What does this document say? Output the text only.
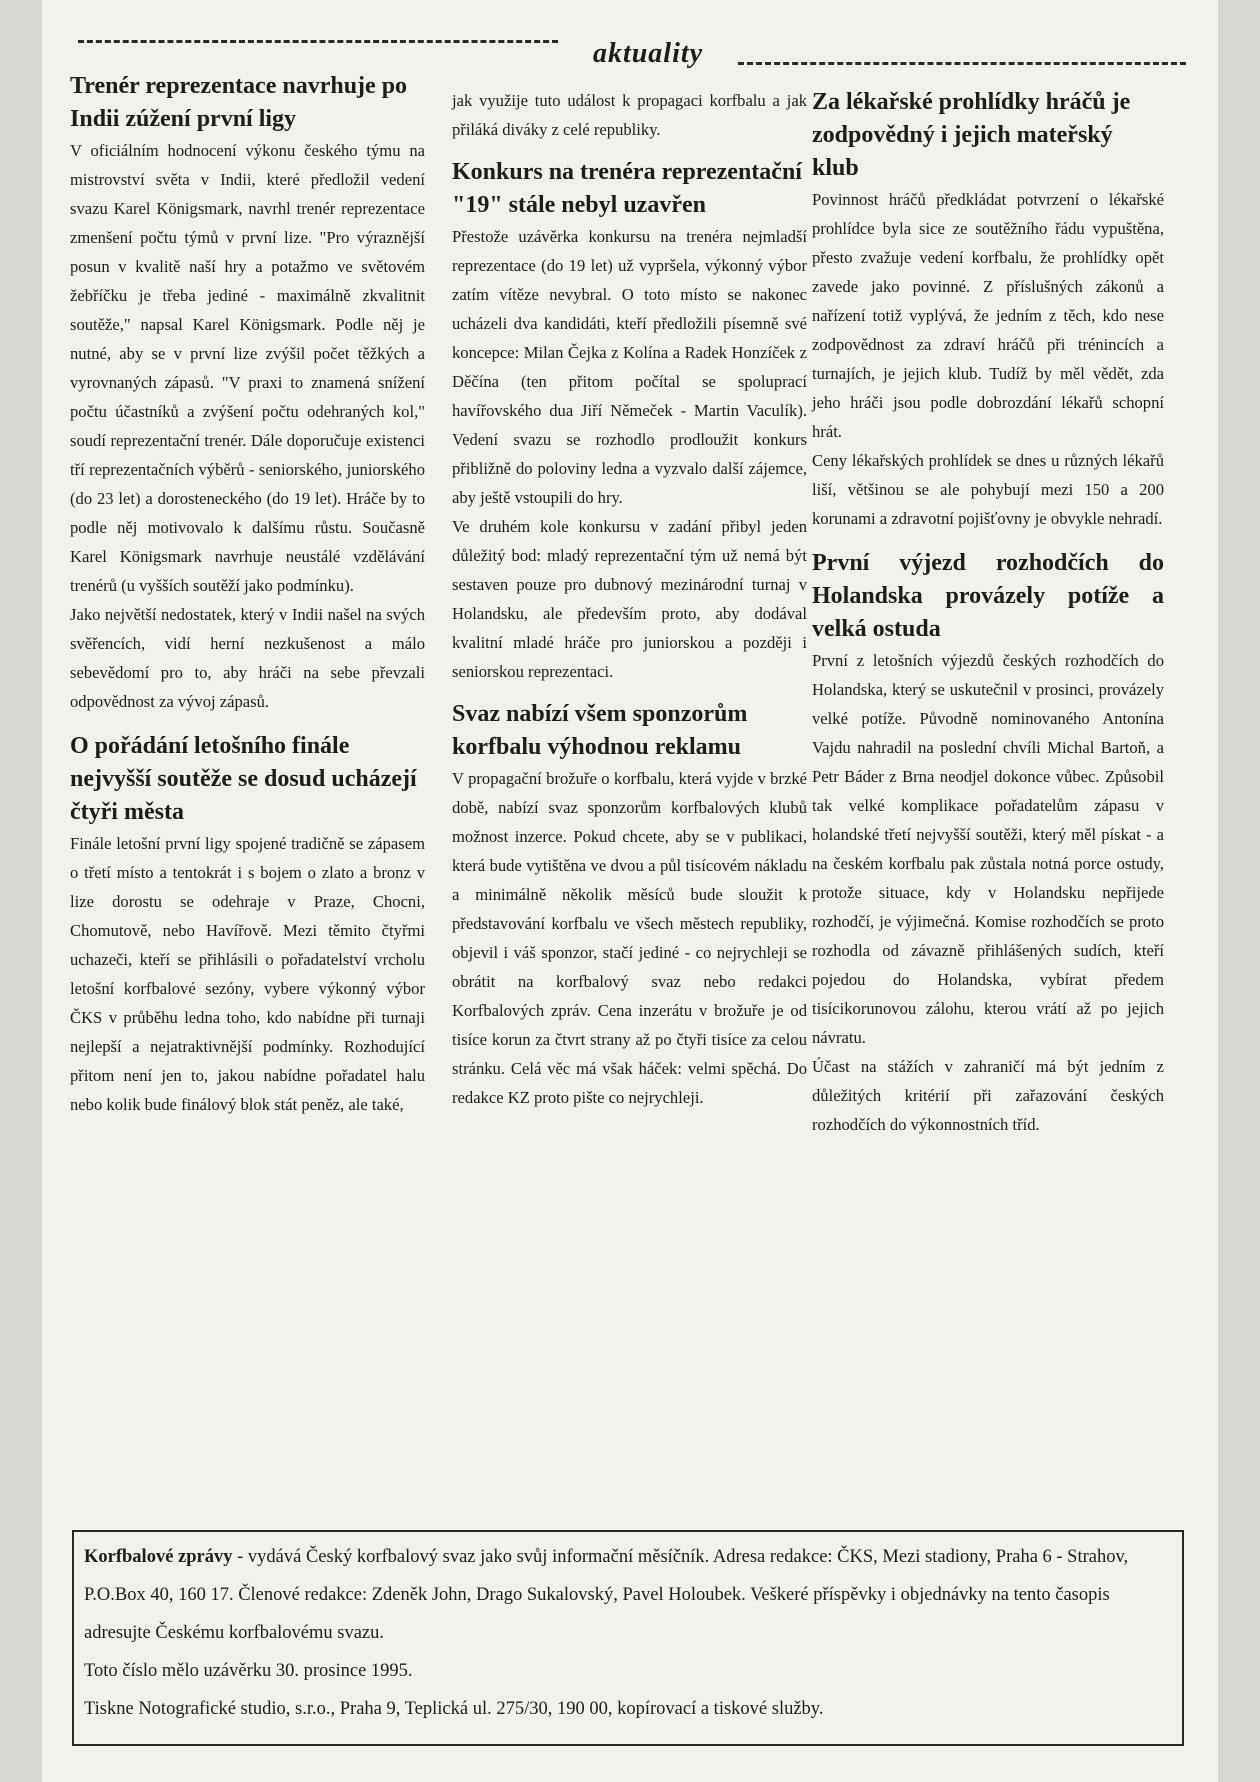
aktuality
Trenér reprezentace navrhuje po Indii zúžení první ligy

V oficiálním hodnocení výkonu českého týmu na mistrovství světa v Indii, které předložil vedení svazu Karel Königsmark, navrhl trenér reprezentace zmenšení počtu týmů v první lize. "Pro výraznější posun v kvalitě naší hry a potažmo ve světovém žebříčku je třeba jediné - maximálně zkvalitnit soutěže," napsal Karel Königsmark. Podle něj je nutné, aby se v první lize zvýšil počet těžkých a vyrovnaných zápasů. "V praxi to znamená snížení počtu účastníků a zvýšení počtu odehraných kol," soudí reprezentační trenér. Dále doporučuje existenci tří reprezentačních výběrů - seniorského, juniorského (do 23 let) a dorosteneckého (do 19 let). Hráče by to podle něj motivovalo k dalšímu růstu. Současně Karel Königsmark navrhuje neustálé vzdělávání trenérů (u vyšších soutěží jako podmínku).

Jako největší nedostatek, který v Indii našel na svých svěřencích, vidí herní nezkušenost a málo sebevědomí pro to, aby hráči na sebe převzali odpovědnost za vývoj zápasů.

O pořádání letošního finále nejvyšší soutěže se dosud ucházejí čtyři města

Finále letošní první ligy spojené tradičně se zápasem o třetí místo a tentokrát i s bojem o zlato a bronz v lize dorostu se odehraje v Praze, Chocni, Chomutově, nebo Havířově. Mezi těmito čtyřmi uchazeči, kteří se přihlásili o pořadatelství vrcholu letošní korfbalové sezóny, vybere výkonný výbor ČKS v průběhu ledna toho, kdo nabídne při turnaji nejlepší a nejatraktivnější podmínky. Rozhodující přitom není jen to, jakou nabídne pořadatel halu nebo kolik bude finálový blok stát peněz, ale také,

jak využije tuto událost k propagaci korfbalu a jak přiláká diváky z celé republiky.

Konkurs na trenéra reprezentační "19" stále nebyl uzavřen

Přestože uzávěrka konkursu na trenéra nejmladší reprezentace (do 19 let) už vypršela, výkonný výbor zatím vítěze nevybral. O toto místo se nakonec ucházeli dva kandidáti, kteří předložili písemně své koncepce: Milan Čejka z Kolína a Radek Honzíček z Děčína (ten přitom počítal se spoluprací havířovského dua Jiří Němeček - Martin Vaculík). Vedení svazu se rozhodlo prodloužit konkurs přibližně do poloviny ledna a vyzvalo další zájemce, aby ještě vstoupili do hry.

Ve druhém kole konkursu v zadání přibyl jeden důležitý bod: mladý reprezentační tým už nemá být sestaven pouze pro dubnový mezinárodní turnaj v Holandsku, ale především proto, aby dodával kvalitní mladé hráče pro juniorskou a později i seniorskou reprezentaci.

Svaz nabízí všem sponzorům korfbalu výhodnou reklamu

V propagační brožuře o korfbalu, která vyjde v brzké době, nabízí svaz sponzorům korfbalových klubů možnost inzerce. Pokud chcete, aby se v publikaci, která bude vytištěna ve dvou a půl tisícovém nákladu a minimálně několik měsíců bude sloužit k představování korfbalu ve všech městech republiky, objevil i váš sponzor, stačí jediné - co nejrychleji se obrátit na korfbalový svaz nebo redakci Korfbalových zpráv. Cena inzerátu v brožuře je od tisíce korun za čtvrt strany až po čtyři tisíce za celou stránku. Celá věc má však háček: velmi spěchá. Do redakce KZ proto pište co nejrychleji.

Za lékařské prohlídky hráčů je zodpovědný i jejich mateřský klub

Povinnost hráčů předkládat potvrzení o lékařské prohlídce byla sice ze soutěžního řádu vypuštěna, přesto zvažuje vedení korfbalu, že prohlídky opět zavede jako povinné. Z příslušných zákonů a nařízení totiž vyplývá, že jedním z těch, kdo nese zodpovědnost za zdraví hráčů při trénincích a turnajích, je jejich klub. Tudíž by měl vědět, zda jeho hráči jsou podle dobrozdání lékařů schopní hrát.

Ceny lékařských prohlídek se dnes u různých lékařů liší, většinou se ale pohybují mezi 150 a 200 korunami a zdravotní pojišťovny je obvykle nehradí.

První výjezd rozhodčích do Holandska provázely potíže a velká ostuda

První z letošních výjezdů českých rozhodčích do Holandska, který se uskutečnil v prosinci, provázely velké potíže. Původně nominovaného Antonína Vajdu nahradil na poslední chvíli Michal Bartoň, a Petr Báder z Brna neodjel dokonce vůbec. Způsobil tak velké komplikace pořadatelům zápasu v holandské třetí nejvyšší soutěži, který měl pískat - a na českém korfbalu pak zůstala notná porce ostudy, protože situace, kdy v Holandsku nepřijede rozhodčí, je výjimečná. Komise rozhodčích se proto rozhodla od závazně přihlášených sudích, kteří pojedou do Holandska, vybírat předem tisícikorunovou zálohu, kterou vrátí až po jejich návratu.

Účast na stážích v zahraničí má být jedním z důležitých kritérií při zařazování českých rozhodčích do výkonnostních tříd.

Korfbalové zprávy - vydává Český korfbalový svaz jako svůj informační měsíčník. Adresa redakce: ČKS, Mezi stadiony, Praha 6 - Strahov, P.O.Box 40, 160 17. Členové redakce: Zdeněk John, Drago Sukalovský, Pavel Holoubek. Veškeré příspěvky i objednávky na tento časopis adresujte Českému korfbalovému svazu.
Toto číslo mělo uzávěrku 30. prosince 1995.
Tiskne Notografické studio, s.r.o., Praha 9, Teplická ul. 275/30, 190 00, kopírovací a tiskové služby.
